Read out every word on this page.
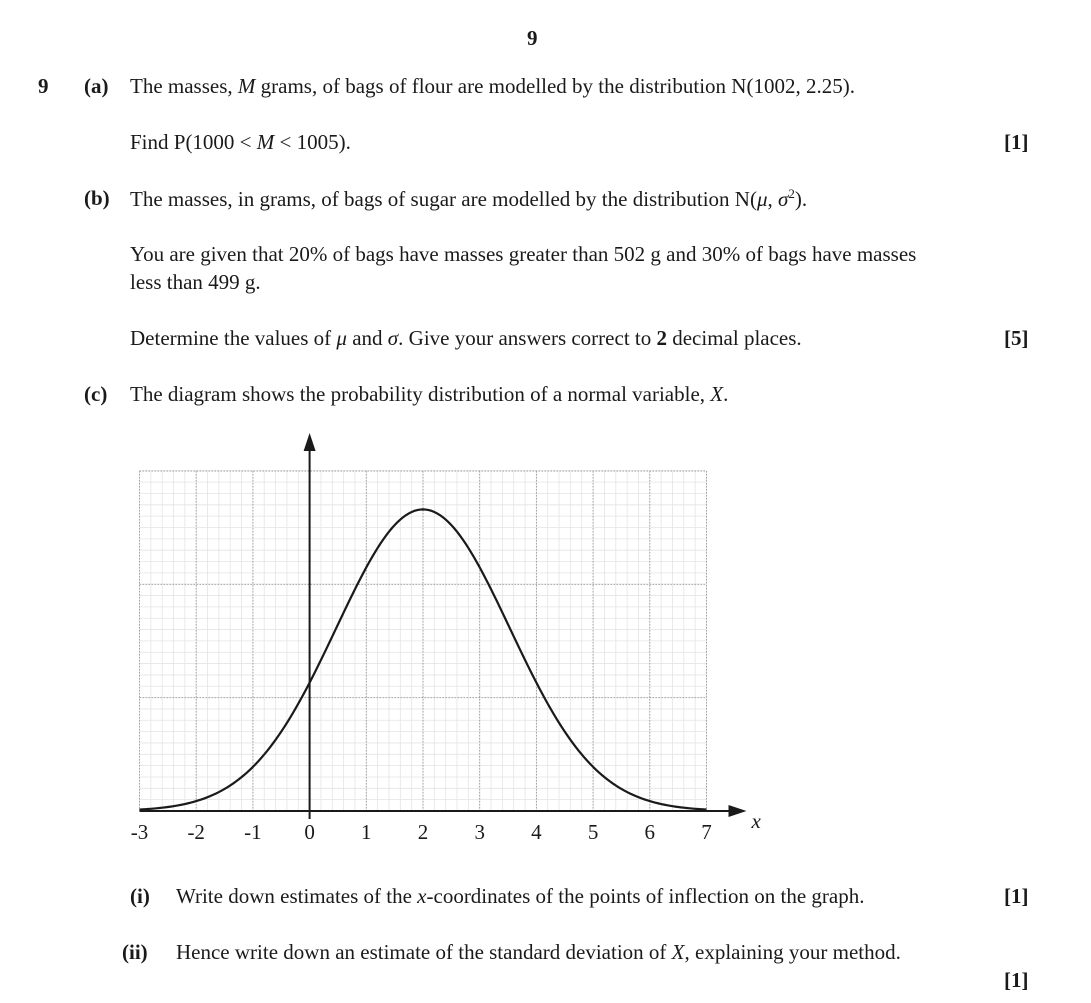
9
9 (a) The masses, M grams, of bags of flour are modelled by the distribution N(1002, 2.25).
Find P(1000 < M < 1005).	[1]
(b) The masses, in grams, of bags of sugar are modelled by the distribution N(μ, $\sigma^2$).
You are given that 20% of bags have masses greater than 502 g and 30% of bags have masses
less than 499 g.
Determine the values of μ and σ. Give your answers correct to 2 decimal places.	[5]
(c) The diagram shows the probability distribution of a normal variable, X.
-3 -2 -1 0 1 2 3 4 5 6 7 x
(i) Write down estimates of the x-coordinates of the points of inflection on the graph.	[1]
(ii) Hence write down an estimate of the standard deviation of X, explaining your method.
[1]
